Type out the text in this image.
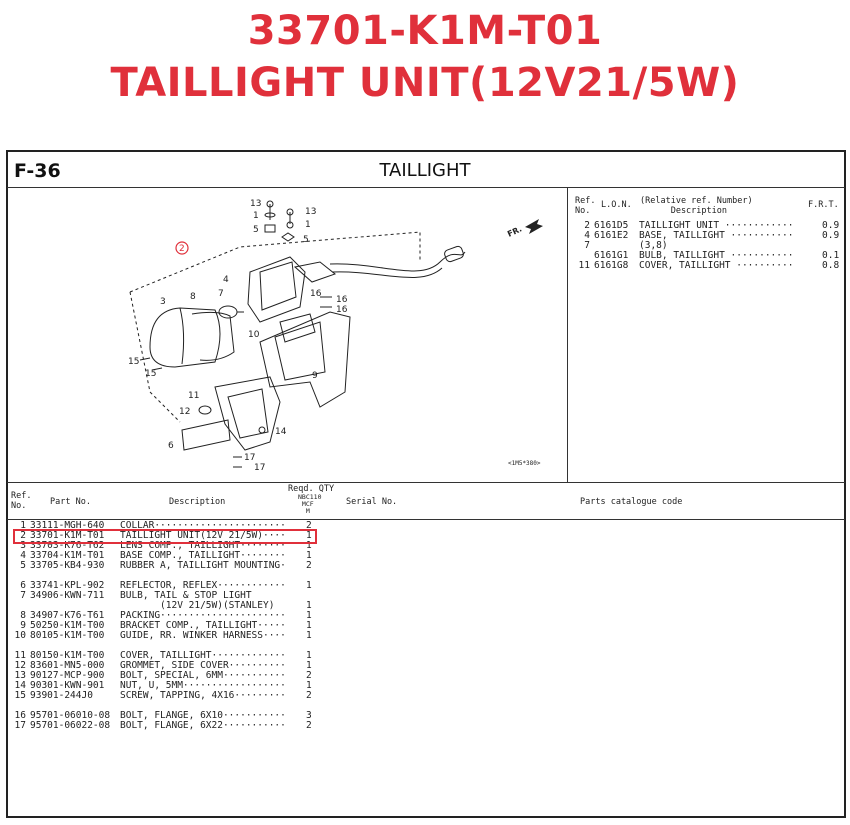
33701-K1M-T01
TAILLIGHT UNIT(12V21/5W)
F-36	TAILLIGHT
2
13
1
5
13
1
5
4
3	8 7	16
16
16
10
9
15
15
11
12
14
6
17
17
FR.
<1M5*380>
Ref.
No.
L.O.N. (Relative ref. Number)
Description
F.R.T.
2 6161D5 TAILLIGHT UNIT ············	0.9
4 6161E2 BASE, TAILLIGHT ···········	0.9
7	(3,8)
6161G1 BULB, TAILLIGHT ···········	0.1
11 6161G8 COVER, TAILLIGHT ··········	0.8
Ref.
No.	Part No.	Description
Reqd. QTY
NBC110
MCF
M
Serial No.	Parts catalogue code
1 33111-MGH-640 COLLAR······················· 2
2 33701-K1M-T01 TAILLIGHT UNIT(12V 21/5W)···· 1
3 33703-K76-T62 LENS COMP., TAILLIGHT········ 1
4 33704-K1M-T01 BASE COMP., TAILLIGHT········ 1
5 33705-KB4-930 RUBBER A, TAILLIGHT MOUNTING· 2
6 33741-KPL-902 REFLECTOR, REFLEX············ 1
7 34906-KWN-711 BULB, TAIL & STOP LIGHT
(12V 21/5W)(STANLEY)	1
8 34907-K76-T61 PACKING······················ 1
9 50250-K1M-T00 BRACKET COMP., TAILLIGHT····· 1
10 80105-K1M-T00 GUIDE, RR. WINKER HARNESS···· 1
11 80150-K1M-T00 COVER, TAILLIGHT············· 1
12 83601-MN5-000 GROMMET, SIDE COVER·········· 1
13 90127-MCP-900 BOLT, SPECIAL, 6MM··········· 2
14 90301-KWN-901 NUT, U, 5MM·················· 1
15 93901-244J0	SCREW, TAPPING, 4X16········· 2
16 95701-06010-08 BOLT, FLANGE, 6X10··········· 3
17 95701-06022-08 BOLT, FLANGE, 6X22··········· 2
